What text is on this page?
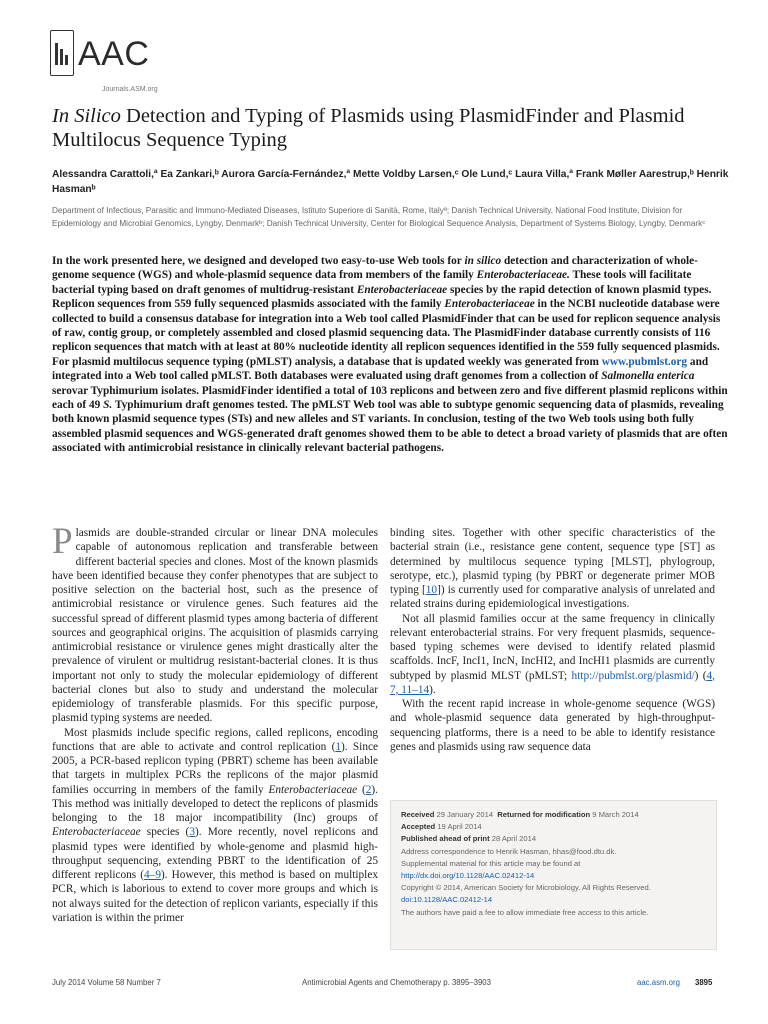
AAC
Journals.ASM.org
In Silico Detection and Typing of Plasmids using PlasmidFinder and Plasmid Multilocus Sequence Typing
Alessandra Carattoli,ª Ea Zankari,ᵇ Aurora García-Fernández,ª Mette Voldby Larsen,ᶜ Ole Lund,ᶜ Laura Villa,ª Frank Møller Aarestrup,ᵇ Henrik Hasmanᵇ
Department of Infectious, Parasitic and Immuno-Mediated Diseases, Istituto Superiore di Sanità, Rome, Italyª; Danish Technical University, National Food Institute, Division for Epidemiology and Microbial Genomics, Lyngby, Denmarkᵇ; Danish Technical University, Center for Biological Sequence Analysis, Department of Systems Biology, Lyngby, Denmarkᶜ
In the work presented here, we designed and developed two easy-to-use Web tools for in silico detection and characterization of whole-genome sequence (WGS) and whole-plasmid sequence data from members of the family Enterobacteriaceae. These tools will facilitate bacterial typing based on draft genomes of multidrug-resistant Enterobacteriaceae species by the rapid detection of known plasmid types. Replicon sequences from 559 fully sequenced plasmids associated with the family Enterobacteriaceae in the NCBI nucleotide database were collected to build a consensus database for integration into a Web tool called PlasmidFinder that can be used for replicon sequence analysis of raw, contig group, or completely assembled and closed plasmid sequencing data. The PlasmidFinder database currently consists of 116 replicon sequences that match with at least at 80% nucleotide identity all replicon sequences identified in the 559 fully sequenced plasmids. For plasmid multilocus sequence typing (pMLST) analysis, a database that is updated weekly was generated from www.pubmlst.org and integrated into a Web tool called pMLST. Both databases were evaluated using draft genomes from a collection of Salmonella enterica serovar Typhimurium isolates. PlasmidFinder identified a total of 103 replicons and between zero and five different plasmid replicons within each of 49 S. Typhimurium draft genomes tested. The pMLST Web tool was able to subtype genomic sequencing data of plasmids, revealing both known plasmid sequence types (STs) and new alleles and ST variants. In conclusion, testing of the two Web tools using both fully assembled plasmid sequences and WGS-generated draft genomes showed them to be able to detect a broad variety of plasmids that are often associated with antimicrobial resistance in clinically relevant bacterial pathogens.

Plasmids are double-stranded circular or linear DNA molecules capable of autonomous replication and transferable between different bacterial species and clones. Most of the known plasmids have been identified because they confer phenotypes that are subject to positive selection on the bacterial host, such as the presence of antimicrobial resistance or virulence genes. Such features aid the successful spread of different plasmid types among bacteria of different sources and geographical origins. The acquisition of plasmids carrying antimicrobial resistance or virulence genes might drastically alter the prevalence of virulent or multidrug resistant-bacterial clones. It is thus important not only to study the molecular epidemiology of different bacterial clones but also to study and understand the molecular epidemiology of transferable plasmids. For this specific purpose, plasmid typing systems are needed.

Most plasmids include specific regions, called replicons, encoding functions that are able to activate and control replication (1). Since 2005, a PCR-based replicon typing (PBRT) scheme has been available that targets in multiplex PCRs the replicons of the major plasmid families occurring in members of the family Enterobacteriaceae (2). This method was initially developed to detect the replicons of plasmids belonging to the 18 major incompatibility (Inc) groups of Enterobacteriaceae species (3). More recently, novel replicons and plasmid types were identified by whole-genome and plasmid high-throughput sequencing, extending PBRT to the identification of 25 different replicons (4–9). However, this method is based on multiplex PCR, which is laborious to extend to cover more groups and which is not always suited for the detection of replicon variants, especially if this variation is within the primer

binding sites. Together with other specific characteristics of the bacterial strain (i.e., resistance gene content, sequence type [ST] as determined by multilocus sequence typing [MLST], phylogroup, serotype, etc.), plasmid typing (by PBRT or degenerate primer MOB typing [10]) is currently used for comparative analysis of unrelated and related strains during epidemiological investigations.

Not all plasmid families occur at the same frequency in clinically relevant enterobacterial strains. For very frequent plasmids, sequence-based typing schemes were devised to identify related plasmid scaffolds. IncF, IncI1, IncN, IncHI2, and IncHI1 plasmids are currently subtyped by plasmid MLST (pMLST; http://pubmlst.org/plasmid/) (4, 7, 11–14).

With the recent rapid increase in whole-genome sequence (WGS) and whole-plasmid sequence data generated by high-throughput-sequencing platforms, there is a need to be able to identify resistance genes and plasmids using raw sequence data

Received 29 January 2014 Returned for modification 9 March 2014
Accepted 19 April 2014
Published ahead of print 28 April 2014
Address correspondence to Henrik Hasman, hhas@food.dtu.dk.
Supplemental material for this article may be found at http://dx.doi.org/10.1128/AAC.02412-14
Copyright © 2014, American Society for Microbiology. All Rights Reserved.
doi:10.1128/AAC.02412-14
The authors have paid a fee to allow immediate free access to this article.
July 2014 Volume 58 Number 7	Antimicrobial Agents and Chemotherapy p. 3895–3903	aac.asm.org 3895
